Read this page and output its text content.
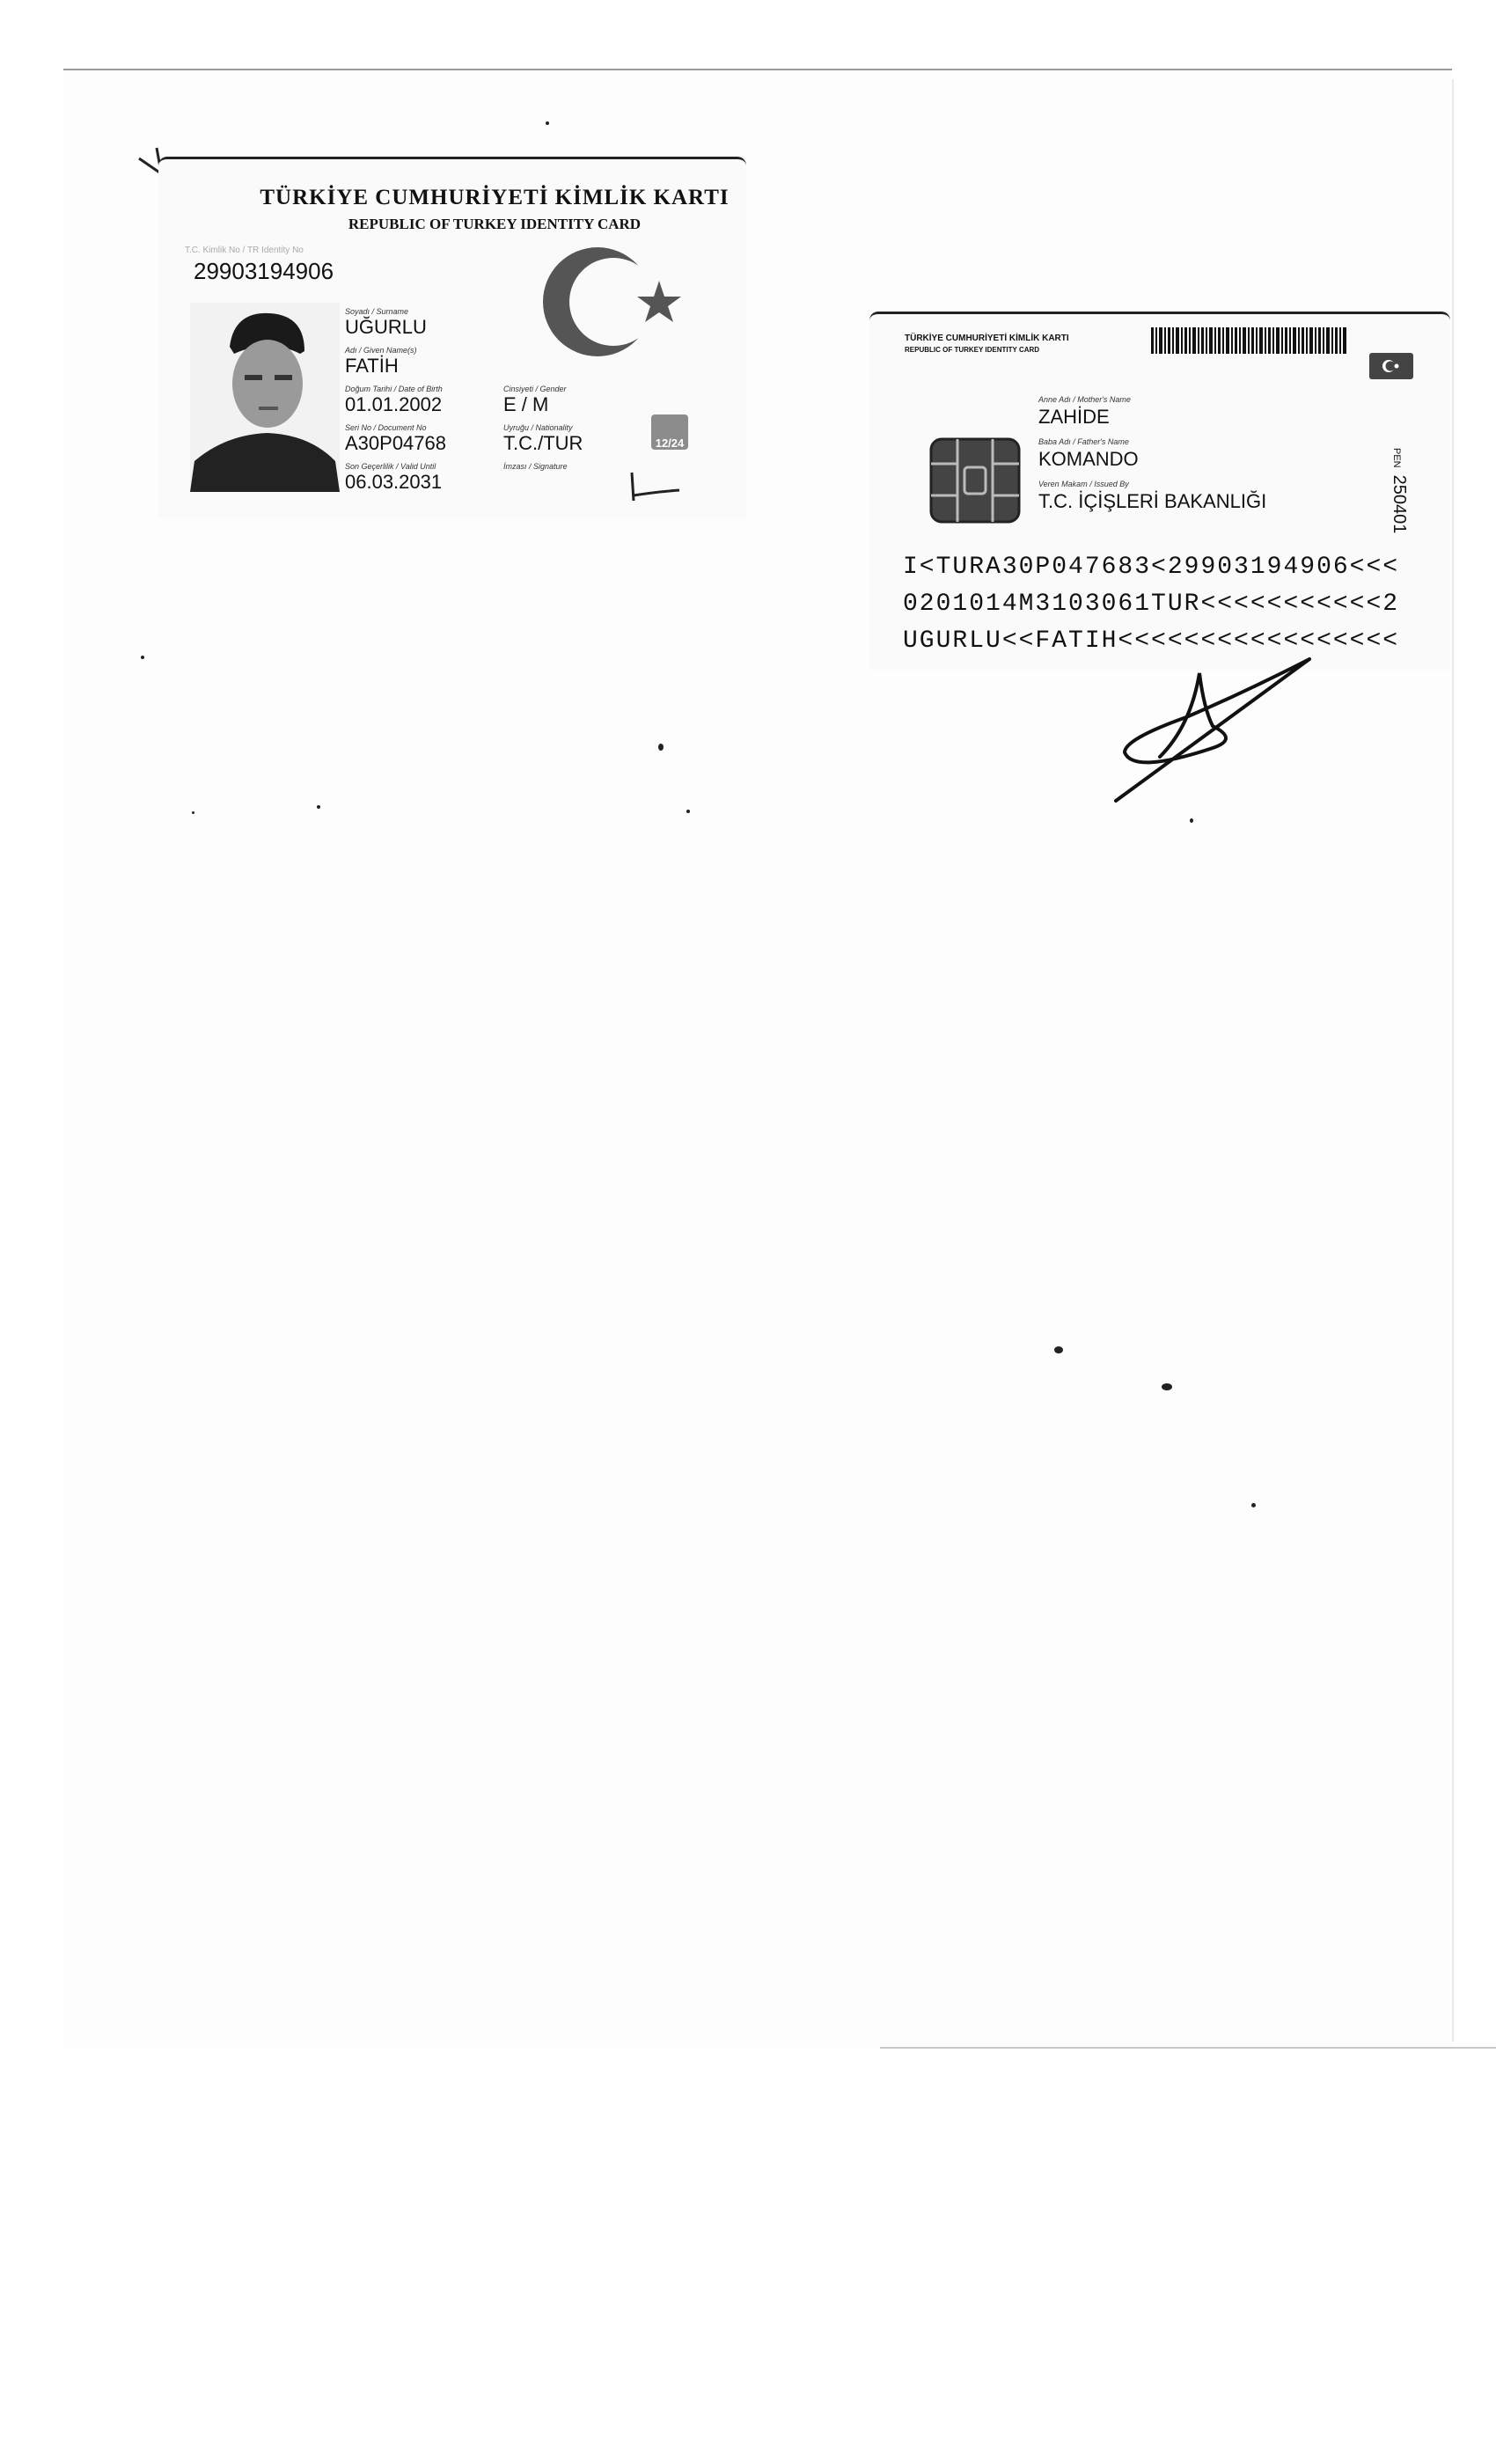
TÜRKİYE CUMHURİYETİ KİMLİK KARTI
REPUBLIC OF TURKEY IDENTITY CARD
T.C. Kimlik No / TR Identity No
29903194906
Soyadı / Surname
UĞURLU
Adı / Given Name(s)
FATİH
Doğum Tarihi / Date of Birth
01.01.2002
Seri No / Document No
A30P04768
Son Geçerlilik / Valid Until
06.03.2031
Cinsiyeti / Gender
E / M
Uyruğu / Nationality
T.C./TUR
İmzası / Signature
12/24
TÜRKİYE CUMHURİYETİ KİMLİK KARTI
REPUBLIC OF TURKEY IDENTITY CARD
PEN250401
Anne Adı / Mother's Name
ZAHİDE
Baba Adı / Father's Name
KOMANDO
Veren Makam / Issued By
T.C. İÇİŞLERİ BAKANLIĞI
I<TURA30P047683<29903194906<<<
0201014M3103061TUR<<<<<<<<<<<2
UGURLU<<FATIH<<<<<<<<<<<<<<<<<
